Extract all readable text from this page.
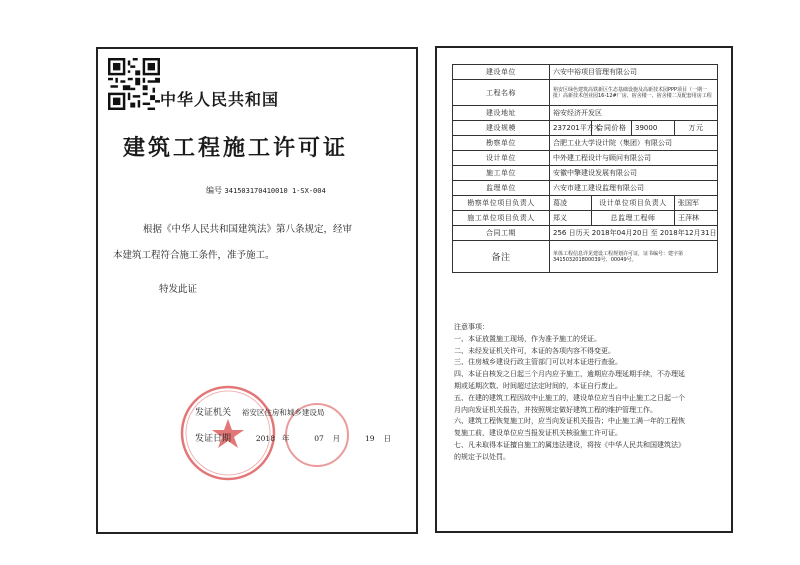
中华人民共和国
建筑工程施工许可证
编号 341503170410010 1-SX-004
根据《中华人民共和国建筑法》第八条规定，经审
本建筑工程符合施工条件，准予施工。
特发此证
发证机关 裕安区住房和城乡建设局
发证日期	2018 年	07 月	19 日
建设单位	六安中裕项目管理有限公司			
工程名称	裕安区绿色建筑高铁新区生态基础设施及高新技术园PPP项目（一期一批）高新技术创业园16-12#厂房、宿舍楼一、宿舍楼二及配套用房工程			
建设地址	裕安经济开发区			
建设规模	237201平方米	合同价格	39000	万元
勘察单位	合肥工业大学设计院（集团）有限公司			
设计单位	中外建工程设计与顾问有限公司			
施工单位	安徽中擎建设发展有限公司			
监理单位	六安市建工建设监理有限公司			
勘察单位项目负责人	葛凌	设计单位项目负责人		张国军
施工单位项目负责人	郑义	总监理工程师		王萍林
合同工期	256 日历天 2018年04月20日 至 2018年12月31日			
备注	单体工程信息详见建设工程规划许可证，证书编号：建字第341503201800039号、00049号。			

注意事项：

一、本证放置施工现场，作为准予施工的凭证。

二、未经发证机关许可，本证的各项内容不得变更。

三、住房城乡建设行政主管部门可以对本证进行查验。

四、本证自核发之日起三个月内应予施工，逾期应办理延期手续，不办理延

期或延期次数、时间超过法定时间的，本证自行废止。

五、在建的建筑工程因故中止施工的，建设单位应当自中止施工之日起一个

月内向发证机关报告，并按照规定做好建筑工程的维护管理工作。

六、建筑工程恢复施工时，应当向发证机关报告；中止施工满一年的工程恢

复施工前，建设单位应当报发证机关核验施工许可证。

七、凡未取得本证擅自施工的属违法建设，将按《中华人民共和国建筑法》

的规定予以处罚。
